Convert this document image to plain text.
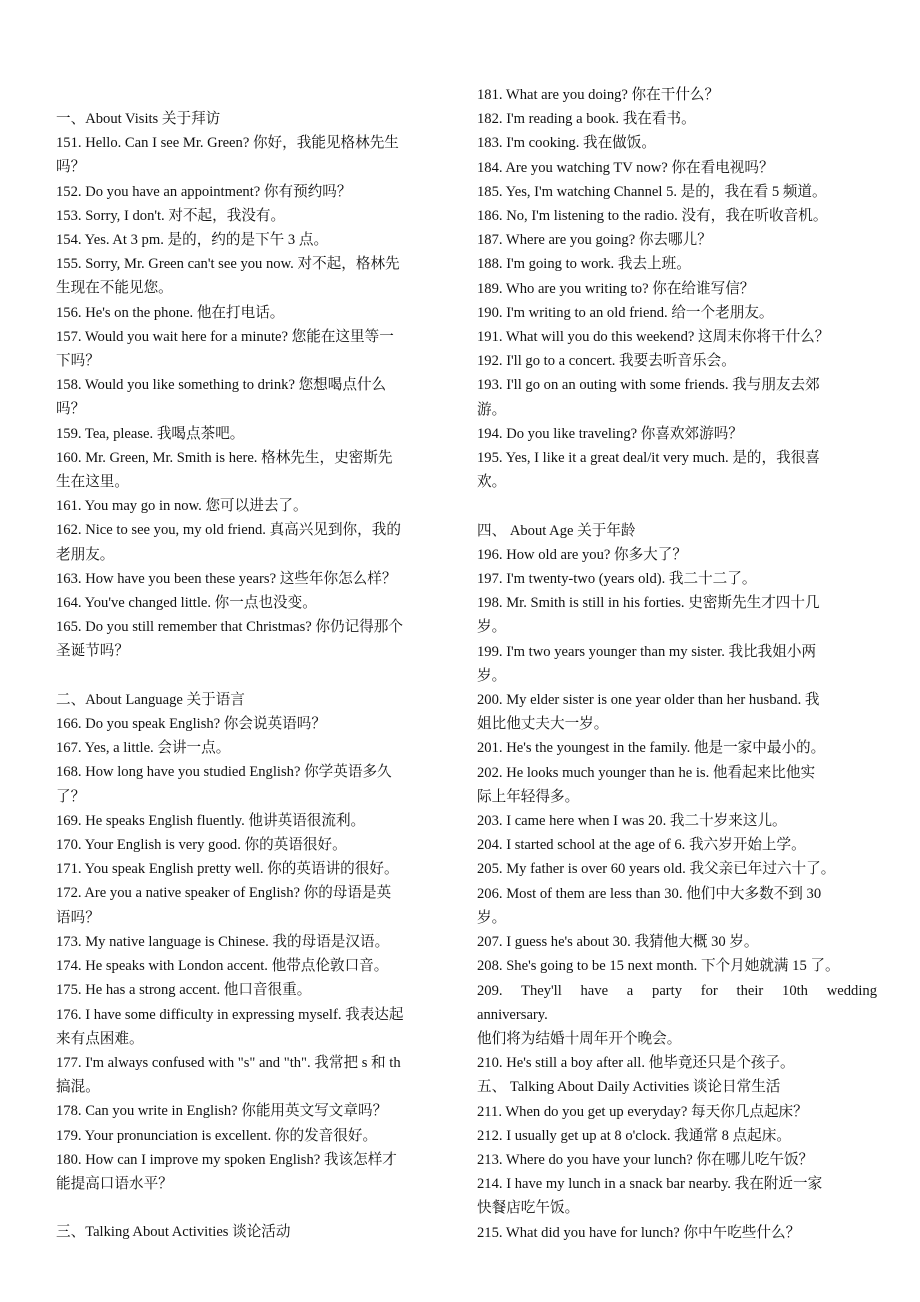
一、About Visits 关于拜访
151. Hello. Can I see Mr. Green? 你好，我能见格林先生
吗？
152. Do you have an appointment? 你有预约吗？
153. Sorry, I don't. 对不起，我没有。
154. Yes. At 3 pm. 是的，约的是下午 3 点。
155. Sorry, Mr. Green can't see you now. 对不起，格林先
生现在不能见您。
156. He's on the phone. 他在打电话。
157. Would you wait here for a minute? 您能在这里等一
下吗？
158. Would you like something to drink? 您想喝点什么
吗？
159. Tea, please. 我喝点茶吧。
160. Mr. Green, Mr. Smith is here. 格林先生，史密斯先
生在这里。
161. You may go in now. 您可以进去了。
162. Nice to see you, my old friend. 真高兴见到你，我的
老朋友。
163. How have you been these years? 这些年你怎么样？
164. You've changed little. 你一点也没变。
165. Do you still remember that Christmas? 你仍记得那个
圣诞节吗？
二、About Language 关于语言
166. Do you speak English? 你会说英语吗？
167. Yes, a little. 会讲一点。
168. How long have you studied English? 你学英语多久
了？
169. He speaks English fluently. 他讲英语很流利。
170. Your English is very good. 你的英语很好。
171. You speak English pretty well. 你的英语讲的很好。
172. Are you a native speaker of English? 你的母语是英
语吗？
173. My native language is Chinese. 我的母语是汉语。
174. He speaks with London accent. 他带点伦敦口音。
175. He has a strong accent. 他口音很重。
176. I have some difficulty in expressing myself. 我表达起
来有点困难。
177. I'm always confused with "s" and "th". 我常把 s 和 th
搞混。
178. Can you write in English? 你能用英文写文章吗？
179. Your pronunciation is excellent. 你的发音很好。
180. How can I improve my spoken English? 我该怎样才
能提高口语水平？
三、Talking About Activities 谈论活动
181. What are you doing? 你在干什么？
182. I'm reading a book. 我在看书。
183. I'm cooking. 我在做饭。
184. Are you watching TV now? 你在看电视吗？
185. Yes, I'm watching Channel 5. 是的，我在看 5 频道。
186. No, I'm listening to the radio. 没有，我在听收音机。
187. Where are you going? 你去哪儿？
188. I'm going to work. 我去上班。
189. Who are you writing to? 你在给谁写信？
190. I'm writing to an old friend. 给一个老朋友。
191. What will you do this weekend? 这周末你将干什么？
192. I'll go to a concert. 我要去听音乐会。
193. I'll go on an outing with some friends. 我与朋友去郊
游。
194. Do you like traveling? 你喜欢郊游吗？
195. Yes, I like it a great deal/it very much. 是的，我很喜
欢。
四、 About Age 关于年龄
196. How old are you? 你多大了？
197. I'm twenty-two (years old). 我二十二了。
198. Mr. Smith is still in his forties. 史密斯先生才四十几
岁。
199. I'm two years younger than my sister. 我比我姐小两
岁。
200. My elder sister is one year older than her husband. 我
姐比他丈夫大一岁。
201. He's the youngest in the family. 他是一家中最小的。
202. He looks much younger than he is. 他看起来比他实
际上年轻得多。
203. I came here when I was 20. 我二十岁来这儿。
204. I started school at the age of 6. 我六岁开始上学。
205. My father is over 60 years old. 我父亲已年过六十了。
206. Most of them are less than 30. 他们中大多数不到 30
岁。
207. I guess he's about 30. 我猜他大概 30 岁。
208. She's going to be 15 next month. 下个月她就满 15 了。
209. They'll have a party for their 10th wedding
anniversary.
他们将为结婚十周年开个晚会。
210. He's still a boy after all. 他毕竟还只是个孩子。
五、 Talking About Daily Activities 谈论日常生活
211. When do you get up everyday? 每天你几点起床？
212. I usually get up at 8 o'clock. 我通常 8 点起床。
213. Where do you have your lunch? 你在哪儿吃午饭？
214. I have my lunch in a snack bar nearby. 我在附近一家
快餐店吃午饭。
215. What did you have for lunch? 你中午吃些什么？
